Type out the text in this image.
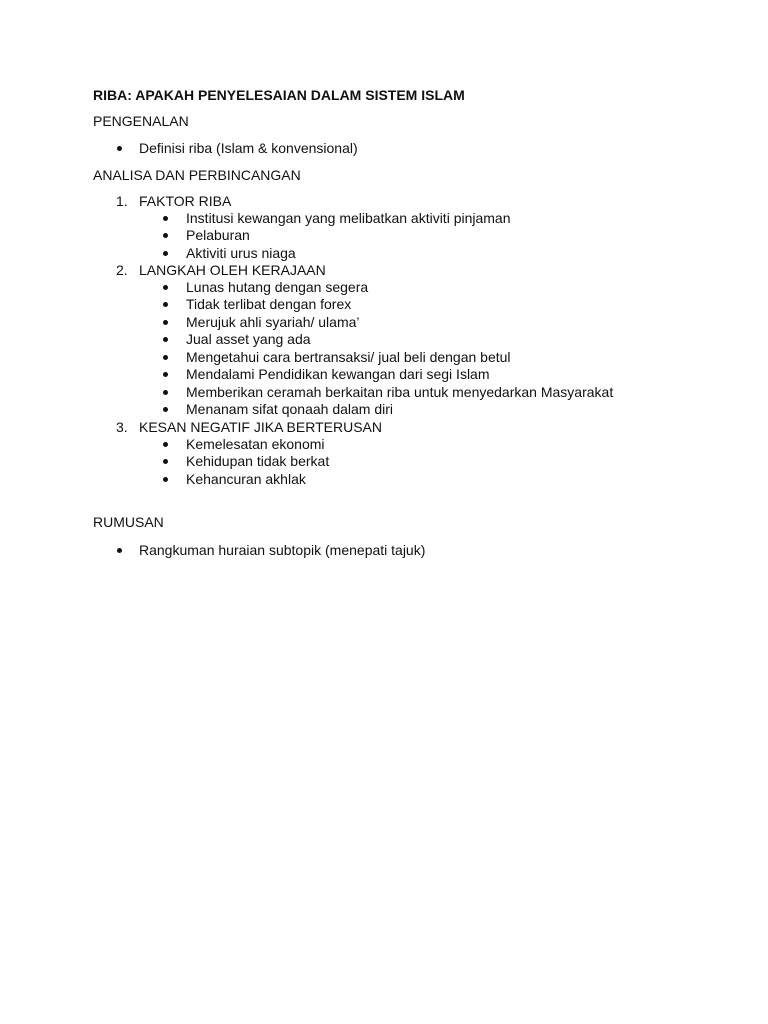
RIBA: APAKAH PENYELESAIAN DALAM SISTEM ISLAM
PENGENALAN
Definisi riba (Islam & konvensional)
ANALISA DAN PERBINCANGAN
1. FAKTOR RIBA
Institusi kewangan yang melibatkan aktiviti pinjaman
Pelaburan
Aktiviti urus niaga
2. LANGKAH OLEH KERAJAAN
Lunas hutang dengan segera
Tidak terlibat dengan forex
Merujuk ahli syariah/ ulama’
Jual asset yang ada
Mengetahui cara bertransaksi/ jual beli dengan betul
Mendalami Pendidikan kewangan dari segi Islam
Memberikan ceramah berkaitan riba untuk menyedarkan Masyarakat
Menanam sifat qonaah dalam diri
3. KESAN NEGATIF JIKA BERTERUSAN
Kemelesatan ekonomi
Kehidupan tidak berkat
Kehancuran akhlak
RUMUSAN
Rangkuman huraian subtopik (menepati tajuk)
